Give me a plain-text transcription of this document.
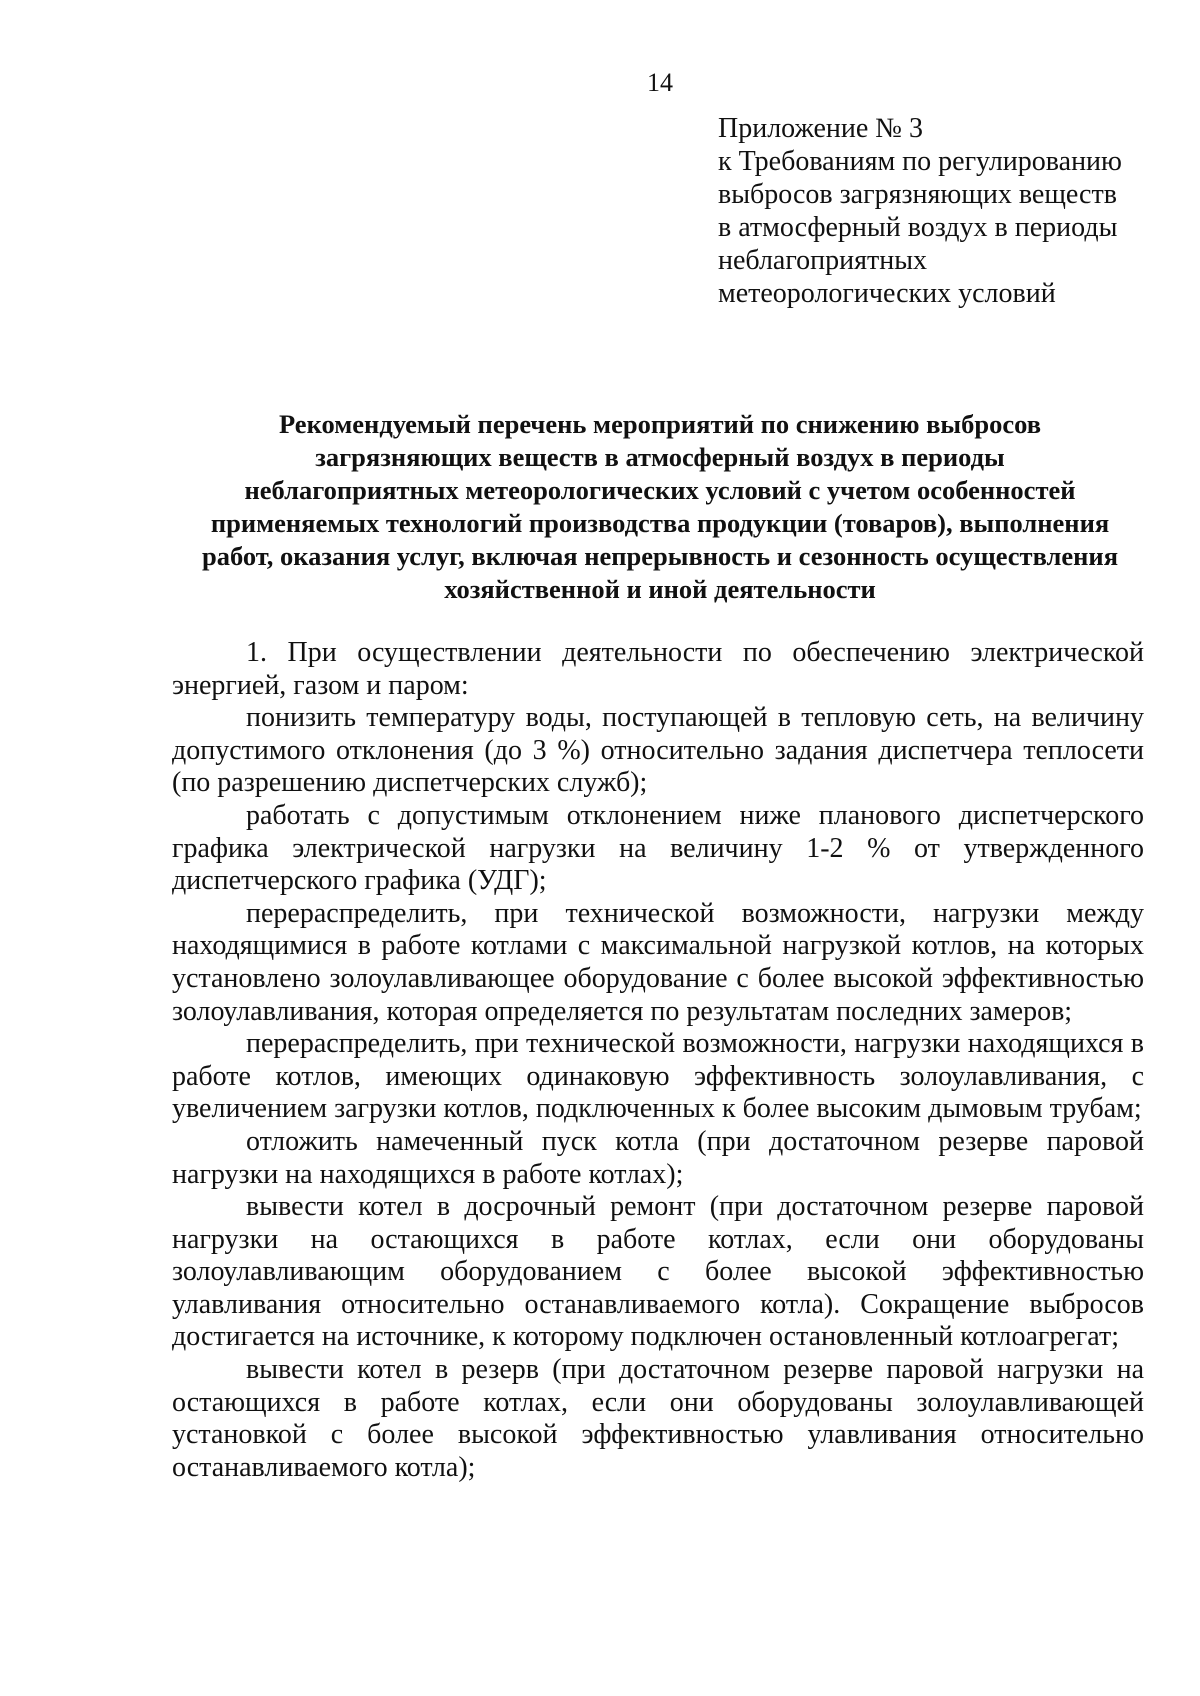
14
Приложение № 3
к Требованиям по регулированию
выбросов загрязняющих веществ
в атмосферный воздух в периоды
неблагоприятных
метеорологических условий
Рекомендуемый перечень мероприятий по снижению выбросов
загрязняющих веществ в атмосферный воздух в периоды
неблагоприятных метеорологических условий с учетом особенностей
применяемых технологий производства продукции (товаров), выполнения
работ, оказания услуг, включая непрерывность и сезонность осуществления
хозяйственной и иной деятельности

1. При осуществлении деятельности по обеспечению электрической энергией, газом и паром:

понизить температуру воды, поступающей в тепловую сеть, на величину допустимого отклонения (до 3 %) относительно задания диспетчера теплосети (по разрешению диспетчерских служб);

работать с допустимым отклонением ниже планового диспетчерского графика электрической нагрузки на величину 1-2 % от утвержденного диспетчерского графика (УДГ);

перераспределить, при технической возможности, нагрузки между находящимися в работе котлами с максимальной нагрузкой котлов, на которых установлено золоулавливающее оборудование с более высокой эффективностью золоулавливания, которая определяется по результатам последних замеров;

перераспределить, при технической возможности, нагрузки находящихся в работе котлов, имеющих одинаковую эффективность золоулавливания, с увеличением загрузки котлов, подключенных к более высоким дымовым трубам;

отложить намеченный пуск котла (при достаточном резерве паровой нагрузки на находящихся в работе котлах);

вывести котел в досрочный ремонт (при достаточном резерве паровой нагрузки на остающихся в работе котлах, если они оборудованы золоулавливающим оборудованием с более высокой эффективностью улавливания относительно останавливаемого котла). Сокращение выбросов достигается на источнике, к которому подключен остановленный котлоагрегат;

вывести котел в резерв (при достаточном резерве паровой нагрузки на остающихся в работе котлах, если они оборудованы золоулавливающей установкой с более высокой эффективностью улавливания относительно останавливаемого котла);
